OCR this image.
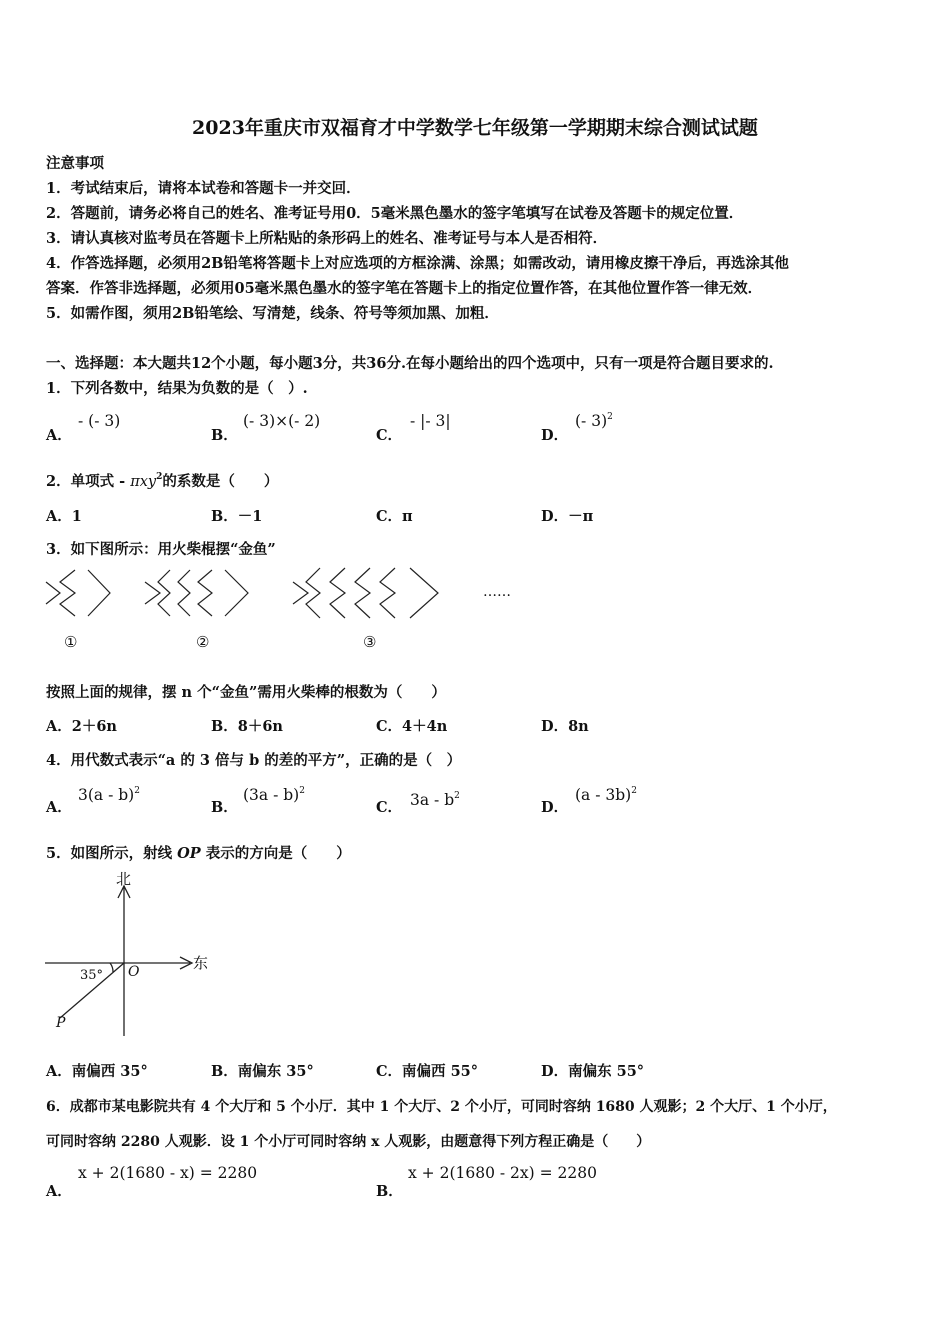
2023年重庆市双福育才中学数学七年级第一学期期末综合测试试题
注意事项
1．考试结束后，请将本试卷和答题卡一并交回．
2．答题前，请务必将自己的姓名、准考证号用0．5毫米黑色墨水的签字笔填写在试卷及答题卡的规定位置．
3．请认真核对监考员在答题卡上所粘贴的条形码上的姓名、准考证号与本人是否相符．
4．作答选择题，必须用2B铅笔将答题卡上对应选项的方框涂满、涂黑；如需改动，请用橡皮擦干净后，再选涂其他
答案．作答非选择题，必须用05毫米黑色墨水的签字笔在答题卡上的指定位置作答，在其他位置作答一律无效．
5．如需作图，须用2B铅笔绘、写清楚，线条、符号等须加黑、加粗．
一、选择题：本大题共12个小题，每小题3分，共36分.在每小题给出的四个选项中，只有一项是符合题目要求的.
1．下列各数中，结果为负数的是（　）.
A．
- (- 3)
B．
(- 3)×(- 2)
C．
- |- 3|
D．
(- 3)$^2$
2．单项式 - πxy$^2$的系数是（　　）
A．1	B．－1	C．π	D．－π
3．如下图所示：用火柴棍摆“金鱼”
……
①	②	③
按照上面的规律，摆 n 个“金鱼”需用火柴棒的根数为（　　）
A．2＋6n	B．8＋6n	C．4＋4n	D．8n
4．用代数式表示“a 的 3 倍与 b 的差的平方”，正确的是（　）
A．
3(a - b)$^2$
B．
(3a - b)$^2$
C． $3a - b^2$
D．
(a - 3b)$^2$
5．如图所示，射线 OP 表示的方向是（　　）
北
东
35° O
P
A．南偏西 35°	B．南偏东 35°	C．南偏西 55°	D．南偏东 55°
6．成都市某电影院共有 4 个大厅和 5 个小厅．其中 1 个大厅、2 个小厅，可同时容纳 1680 人观影；2 个大厅、1 个小厅，
可同时容纳 2280 人观影．设 1 个小厅可同时容纳 x 人观影，由题意得下列方程正确是（　　）
A．
x + 2(1680 - x) = 2280
B．
x + 2(1680 - 2x) = 2280
